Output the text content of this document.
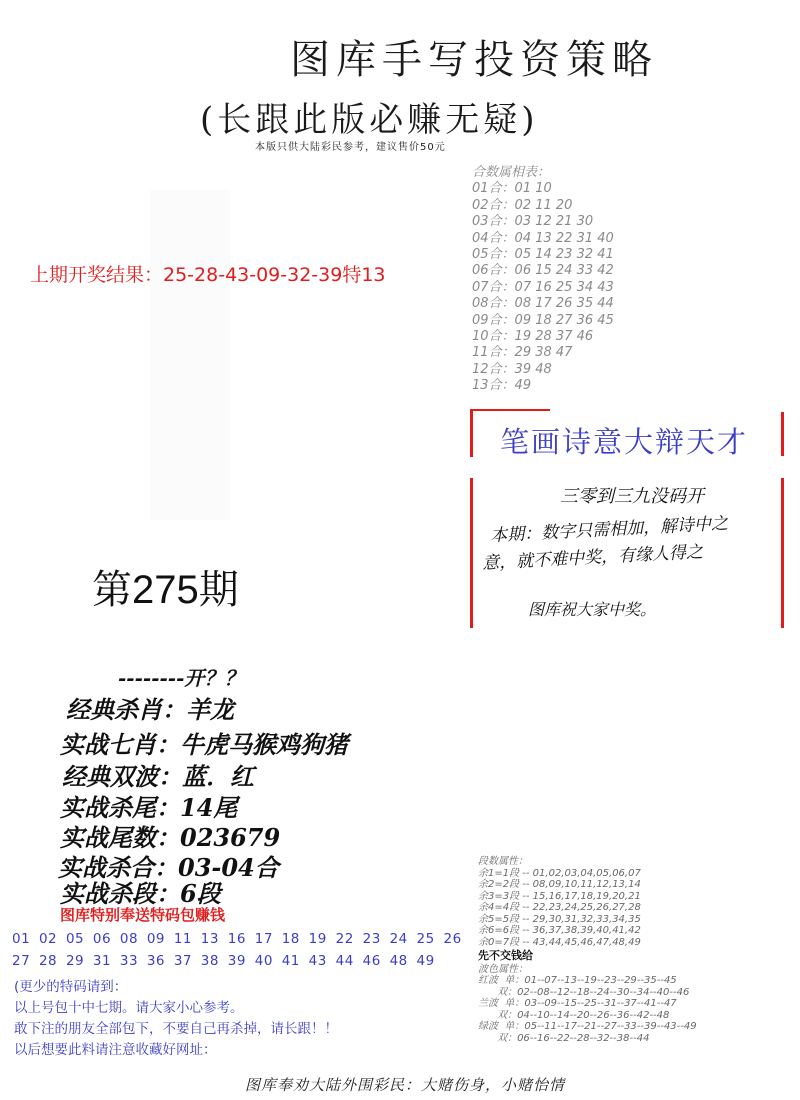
图库手写投资策略
(长跟此版必赚无疑)
本版只供大陆彩民参考，建议售价50元
上期开奖结果：25-28-43-09-32-39特13
合数属相表：
01合：01 10
02合：02 11 20
03合：03 12 21 30
04合：04 13 22 31 40
05合：05 14 23 32 41
06合：06 15 24 33 42
07合：07 16 25 34 43
08合：08 17 26 35 44
09合：09 18 27 36 45
10合：19 28 37 46
11合：29 38 47
12合：39 48
13合：49
第275期
笔画诗意大辩天才
三零到三九没码开
本期：数字只需相加，解诗中之
意，就不难中奖，有缘人得之
图库祝大家中奖。
--------开？？
经典杀肖：羊龙
实战七肖：牛虎马猴鸡狗猪
经典双波：蓝．红
实战杀尾：14尾
实战尾数：023679
实战杀合：03-04合
实战杀段：6段
图库特别奉送特码包赚钱
01 02 05 06 08 09 11 13 16 17 18 19 22 23 24 25 26
27 28 29 31 33 36 37 38 39 40 41 43 44 46 48 49
(更少的特码请到：
以上号包十中七期。请大家小心参考。
敢下注的朋友全部包下，不要自己再杀掉，请长跟！！
以后想要此料请注意收藏好网址：
段数属性：
余1=1段 -- 01,02,03,04,05,06,07
余2=2段 -- 08,09,10,11,12,13,14
余3=3段 -- 15,16,17,18,19,20,21
余4=4段 -- 22,23,24,25,26,27,28
余5=5段 -- 29,30,31,32,33,34,35
余6=6段 -- 36,37,38,39,40,41,42
余0=7段 -- 43,44,45,46,47,48,49
先不交钱给
波色属性：
红波  单：01--07--13--19--23--29--35--45
双：02--08--12--18--24--30--34--40--46
兰波  单：03--09--15--25--31--37--41--47
双：04--10--14--20--26--36--42--48
绿波  单：05--11--17--21--27--33--39--43--49
双：06--16--22--28--32--38--44
图库奉劝大陆外围彩民：大赌伤身，小赌怡情
